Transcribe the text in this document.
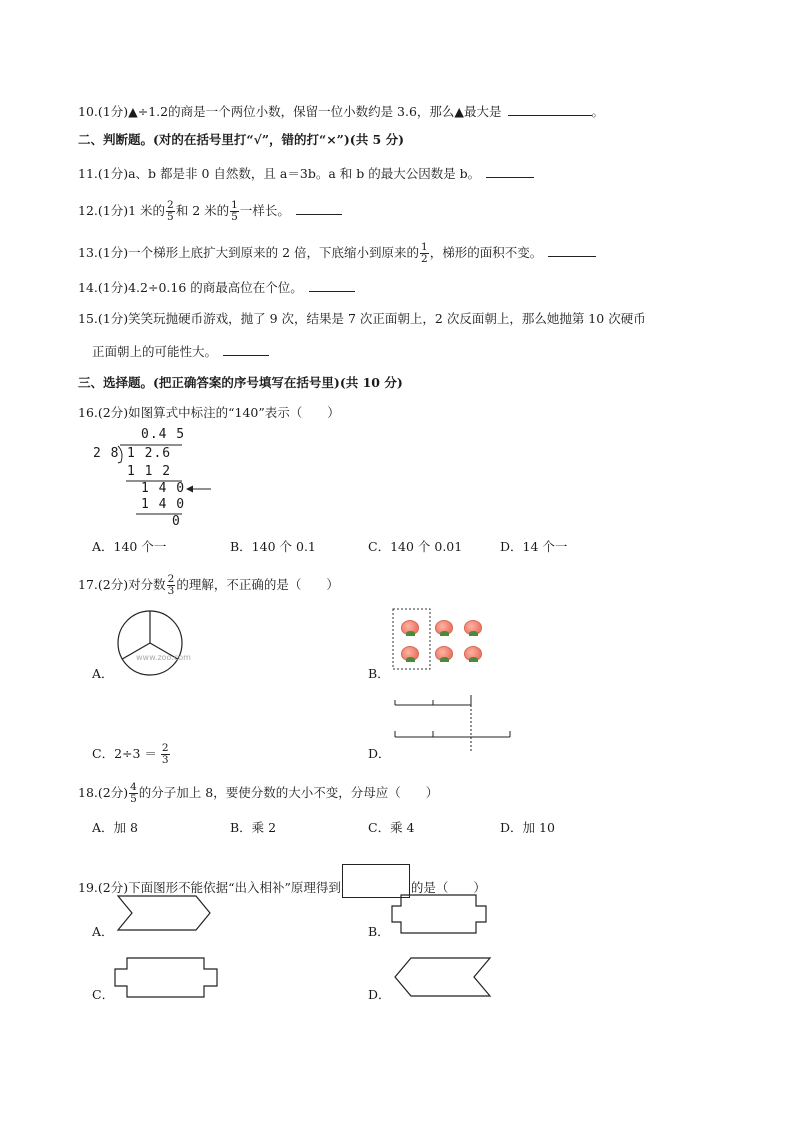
10.(1分)▲÷1.2的商是一个两位小数，保留一位小数约是 3.6，那么▲最大是	。
二、判断题。(对的在括号里打“√”，错的打“×”)(共 5 分)
11.(1分)a、b 都是非 0 自然数，且 a＝3b。a 和 b 的最大公因数是 b。
12.(1分)1 米的 $\frac{2}{5}$ 和 2 米的 $\frac{1}{5}$ 一样长。
13.(1分)一个梯形上底扩大到原来的 2 倍，下底缩小到原来的 $\frac{1}{2}$ ，梯形的面积不变。
14.(1分)4.2÷0.16 的商最高位在个位。
15.(1分)笑笑玩抛硬币游戏，抛了 9 次，结果是 7 次正面朝上，2 次反面朝上，那么她抛第 10 次硬币
正面朝上的可能性大。
三、选择题。(把正确答案的序号填写在括号里)(共 10 分)
16.(2分)如图算式中标注的“140”表示（　　）
0.4 5
2 8 1 2.6
1 1 2
1 4 0
1 4 0
0
A．140 个一	B．140 个 0.1	C．140 个 0.01	D．14 个一
17.(2分)对分数 $\frac{2}{3}$ 的理解，不正确的是（　　）
A．
www.zoo.com
B．
D．
C．$2\div 3 = \frac{2}{3}$
18.(2分) $\frac{4}{5}$ 的分子加上 8，要使分数的大小不变，分母应（　　）
A．加 8	B．乘 2	C．乘 4	D．加 10
19.(2分)下面图形不能依据“出入相补”原理得到	的是（　　）
A．	B．
C．	D．
